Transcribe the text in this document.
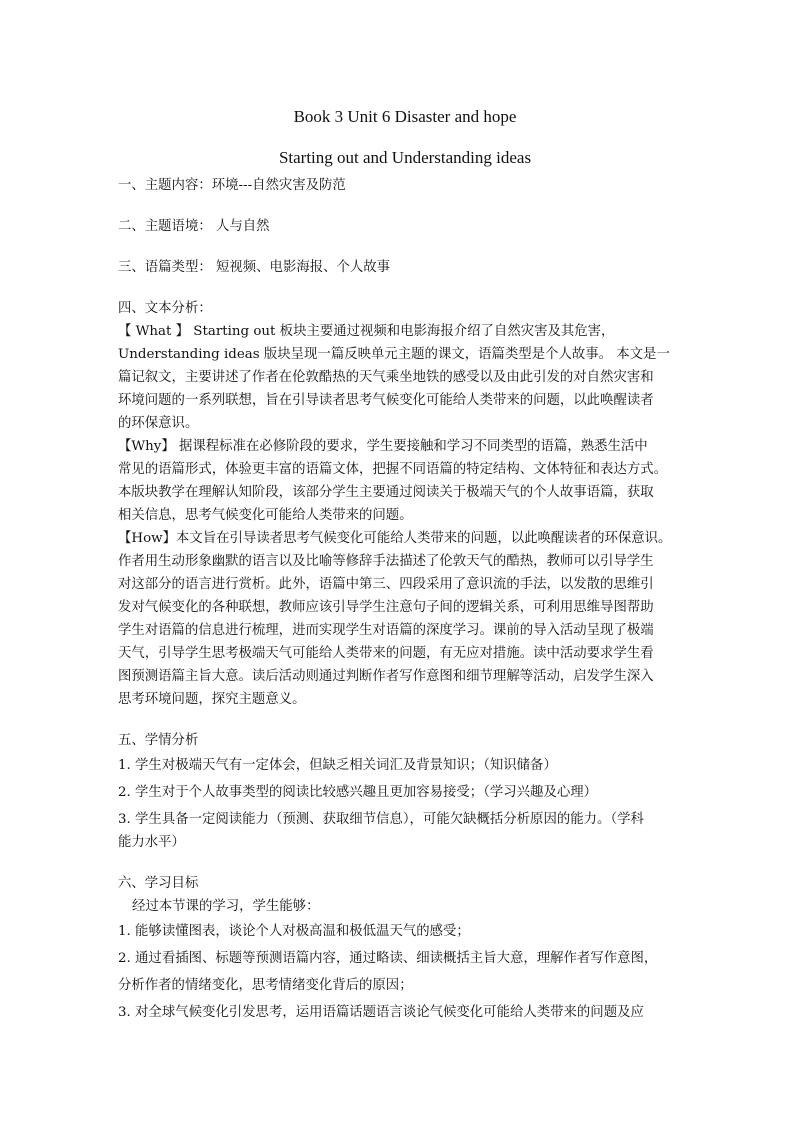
Book 3 Unit 6 Disaster and hope

Starting out and Understanding ideas

一、主题内容：环境---自然灾害及防范

二、主题语境： 人与自然

三、语篇类型： 短视频、电影海报、个人故事

四、文本分析：

【 What 】 Starting out 板块主要通过视频和电影海报介绍了自然灾害及其危害，

Understanding ideas 版块呈现一篇反映单元主题的课文，语篇类型是个人故事。 本文是一

篇记叙文，主要讲述了作者在伦敦酷热的天气乘坐地铁的感受以及由此引发的对自然灾害和

环境问题的一系列联想，旨在引导读者思考气候变化可能给人类带来的问题，以此唤醒读者

的环保意识。

【Why】 据课程标准在必修阶段的要求，学生要接触和学习不同类型的语篇，熟悉生活中

常见的语篇形式，体验更丰富的语篇文体，把握不同语篇的特定结构、文体特征和表达方式。

本版块教学在理解认知阶段，该部分学生主要通过阅读关于极端天气的个人故事语篇，获取

相关信息，思考气候变化可能给人类带来的问题。

【How】本文旨在引导读者思考气候变化可能给人类带来的问题，以此唤醒读者的环保意识。

作者用生动形象幽默的语言以及比喻等修辞手法描述了伦敦天气的酷热，教师可以引导学生

对这部分的语言进行赏析。此外，语篇中第三、四段采用了意识流的手法，以发散的思维引

发对气候变化的各种联想，教师应该引导学生注意句子间的逻辑关系，可利用思维导图帮助

学生对语篇的信息进行梳理，进而实现学生对语篇的深度学习。课前的导入活动呈现了极端

天气，引导学生思考极端天气可能给人类带来的问题，有无应对措施。读中活动要求学生看

图预测语篇主旨大意。读后活动则通过判断作者写作意图和细节理解等活动，启发学生深入

思考环境问题，探究主题意义。

五、学情分析

1. 学生对极端天气有一定体会，但缺乏相关词汇及背景知识；（知识储备）

2. 学生对于个人故事类型的阅读比较感兴趣且更加容易接受；（学习兴趣及心理）

3. 学生具备一定阅读能力（预测、获取细节信息），可能欠缺概括分析原因的能力。（学科

能力水平）

六、学习目标

经过本节课的学习，学生能够：

1. 能够读懂图表，谈论个人对极高温和极低温天气的感受；

2. 通过看插图、标题等预测语篇内容，通过略读、细读概括主旨大意，理解作者写作意图，

分析作者的情绪变化，思考情绪变化背后的原因；

3. 对全球气候变化引发思考，运用语篇话题语言谈论气候变化可能给人类带来的问题及应
